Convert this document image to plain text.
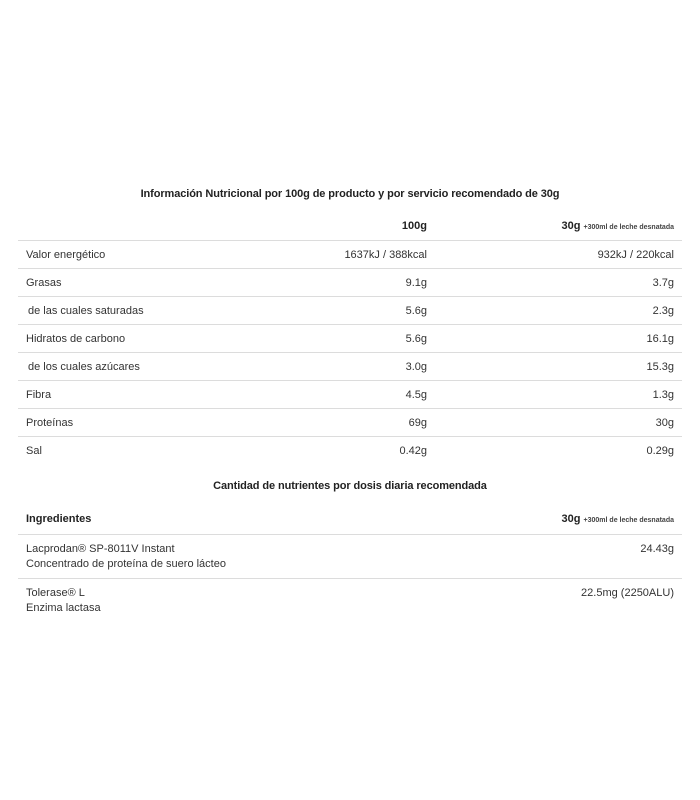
Información Nutricional por 100g de producto y por servicio recomendado de 30g
	100g	30g +300ml de leche desnatada
Valor energético	1637kJ / 388kcal	932kJ / 220kcal
Grasas	9.1g	3.7g
de las cuales saturadas	5.6g	2.3g
Hidratos de carbono	5.6g	16.1g
de los cuales azúcares	3.0g	15.3g
Fibra	4.5g	1.3g
Proteínas	69g	30g
Sal	0.42g	0.29g
Cantidad de nutrientes por dosis diaria recomendada
Ingredientes	30g +300ml de leche desnatada

Lacprodan® SP-8011V Instant
Concentrado de proteína de suero lácteo	24.43g

Tolerase® L
Enzima lactasa	22.5mg (2250ALU)
